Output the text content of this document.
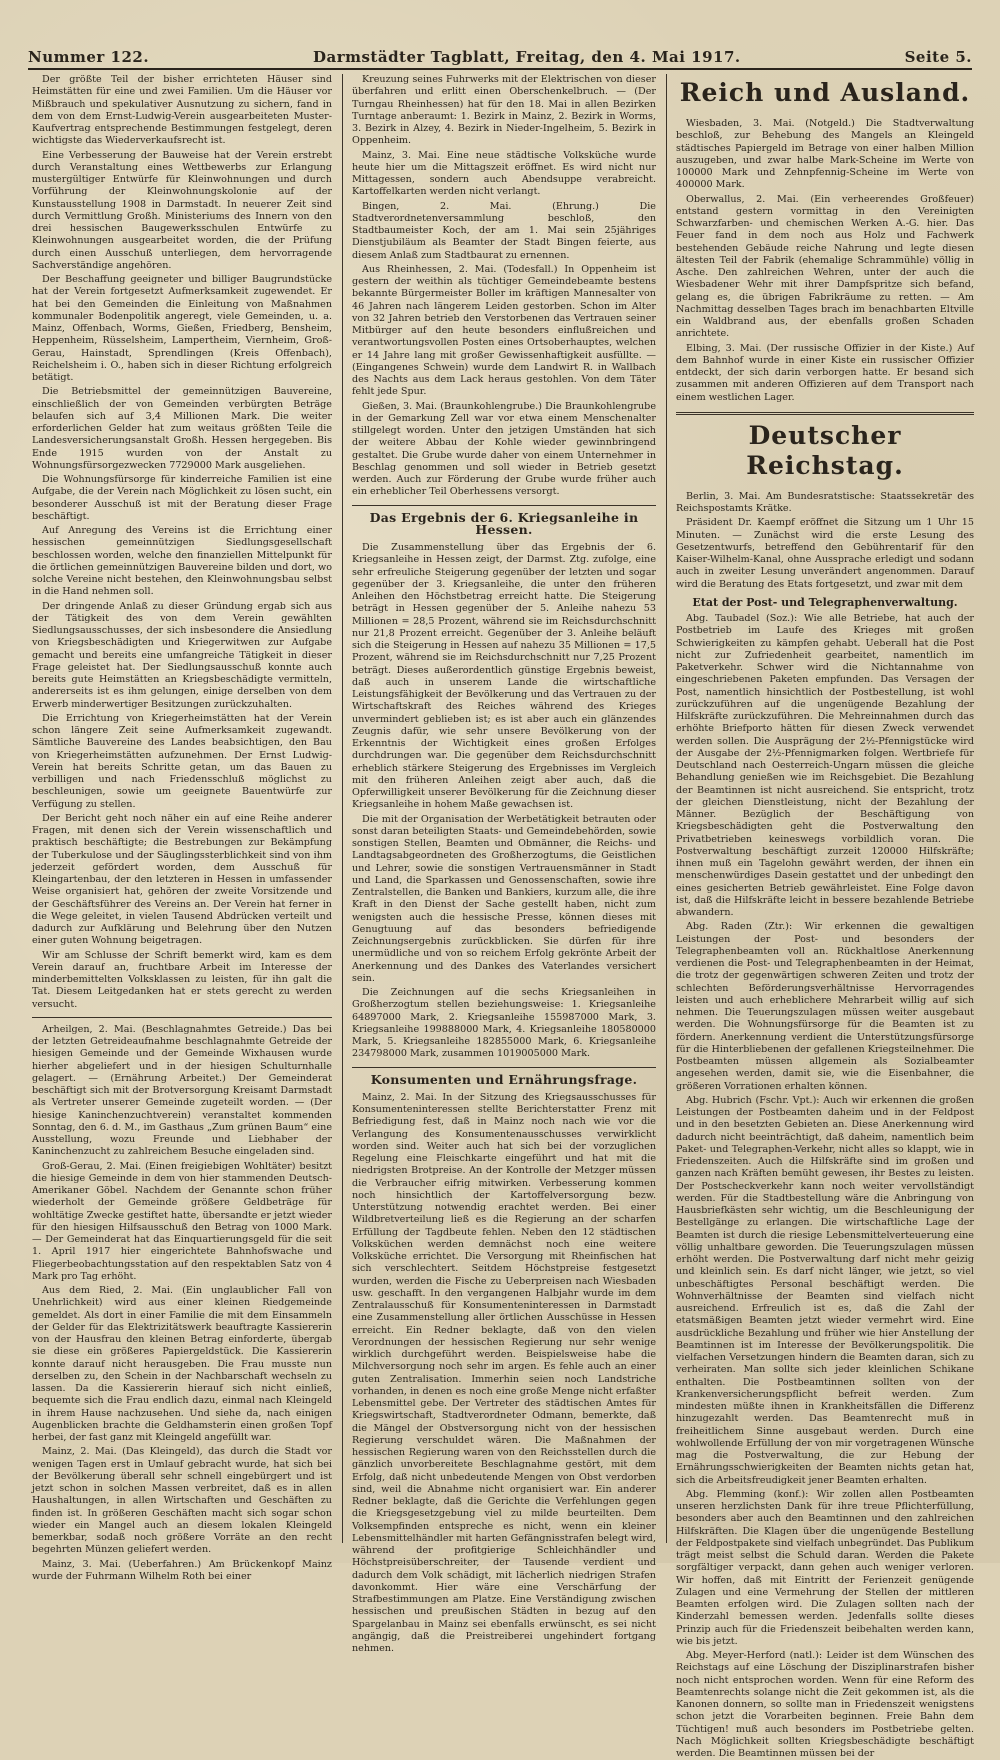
Nummer 122.	Darmstädter Tagblatt, Freitag, den 4. Mai 1917.	Seite 5.

Der größte Teil der bisher errichteten Häuser sind Heimstätten für eine und zwei Familien. Um die Häuser vor Mißbrauch und spekulativer Ausnutzung zu sichern, fand in dem von dem Ernst-Ludwig-Verein ausgearbeiteten Muster-Kaufvertrag entsprechende Bestimmungen festgelegt, deren wichtigste das Wiederverkaufsrecht ist.

Eine Verbesserung der Bauweise hat der Verein erstrebt durch Veranstaltung eines Wettbewerbs zur Erlangung mustergültiger Entwürfe für Kleinwohnungen und durch Vorführung der Kleinwohnungskolonie auf der Kunstausstellung 1908 in Darmstadt. In neuerer Zeit sind durch Vermittlung Großh. Ministeriums des Innern von den drei hessischen Baugewerksschulen Entwürfe zu Kleinwohnungen ausgearbeitet worden, die der Prüfung durch einen Ausschuß unterliegen, dem hervorragende Sachverständige angehören.

Der Beschaffung geeigneter und billiger Baugrundstücke hat der Verein fortgesetzt Aufmerksamkeit zugewendet. Er hat bei den Gemeinden die Einleitung von Maßnahmen kommunaler Bodenpolitik angeregt, viele Gemeinden, u. a. Mainz, Offenbach, Worms, Gießen, Friedberg, Bensheim, Heppenheim, Rüsselsheim, Lampertheim, Viernheim, Groß-Gerau, Hainstadt, Sprendlingen (Kreis Offenbach), Reichelsheim i. O., haben sich in dieser Richtung erfolgreich betätigt.

Die Betriebsmittel der gemeinnützigen Bauvereine, einschließlich der von Gemeinden verbürgten Beträge belaufen sich auf 3,4 Millionen Mark. Die weiter erforderlichen Gelder hat zum weitaus größten Teile die Landesversicherungsanstalt Großh. Hessen hergegeben. Bis Ende 1915 wurden von der Anstalt zu Wohnungsfürsorgezwecken 7729000 Mark ausgeliehen.

Die Wohnungsfürsorge für kinderreiche Familien ist eine Aufgabe, die der Verein nach Möglichkeit zu lösen sucht, ein besonderer Ausschuß ist mit der Beratung dieser Frage beschäftigt.

Auf Anregung des Vereins ist die Errichtung einer hessischen gemeinnützigen Siedlungsgesellschaft beschlossen worden, welche den finanziellen Mittelpunkt für die örtlichen gemeinnützigen Bauvereine bilden und dort, wo solche Vereine nicht bestehen, den Kleinwohnungsbau selbst in die Hand nehmen soll.

Der dringende Anlaß zu dieser Gründung ergab sich aus der Tätigkeit des von dem Verein gewählten Siedlungsausschusses, der sich insbesondere die Ansiedlung von Kriegsbeschädigten und Kriegerwitwen zur Aufgabe gemacht und bereits eine umfangreiche Tätigkeit in dieser Frage geleistet hat. Der Siedlungsausschuß konnte auch bereits gute Heimstätten an Kriegsbeschädigte vermitteln, andererseits ist es ihm gelungen, einige derselben von dem Erwerb minderwertiger Besitzungen zurückzuhalten.

Die Errichtung von Kriegerheimstätten hat der Verein schon längere Zeit seine Aufmerksamkeit zugewandt. Sämtliche Bauvereine des Landes beabsichtigen, den Bau von Kriegerheimstätten aufzunehmen. Der Ernst Ludwig-Verein hat bereits Schritte getan, um das Bauen zu verbilligen und nach Friedensschluß möglichst zu beschleunigen, sowie um geeignete Bauentwürfe zur Verfügung zu stellen.

Der Bericht geht noch näher ein auf eine Reihe anderer Fragen, mit denen sich der Verein wissenschaftlich und praktisch beschäftigte; die Bestrebungen zur Bekämpfung der Tuberkulose und der Säuglingssterblichkeit sind von ihm jederzeit gefördert worden, dem Ausschuß für Kleingartenbau, der den letzteren in Hessen in umfassender Weise organisiert hat, gehören der zweite Vorsitzende und der Geschäftsführer des Vereins an. Der Verein hat ferner in die Wege geleitet, in vielen Tausend Abdrücken verteilt und dadurch zur Aufklärung und Belehrung über den Nutzen einer guten Wohnung beigetragen.

Wir am Schlusse der Schrift bemerkt wird, kam es dem Verein darauf an, fruchtbare Arbeit im Interesse der minderbemittelten Volksklassen zu leisten, für ihn galt die Tat. Diesem Leitgedanken hat er stets gerecht zu werden versucht.

Arheilgen, 2. Mai. (Beschlagnahmtes Getreide.) Das bei der letzten Getreideaufnahme beschlagnahmte Getreide der hiesigen Gemeinde und der Gemeinde Wixhausen wurde hierher abgeliefert und in der hiesigen Schulturnhalle gelagert. — (Ernährung Arbeitet.) Der Gemeinderat beschäftigt sich mit der Brotversorgung Kreisamt Darmstadt als Vertreter unserer Gemeinde zugeteilt worden. — (Der hiesige Kaninchenzuchtverein) veranstaltet kommenden Sonntag, den 6. d. M., im Gasthaus „Zum grünen Baum“ eine Ausstellung, wozu Freunde und Liebhaber der Kaninchenzucht zu zahlreichem Besuche eingeladen sind.

Groß-Gerau, 2. Mai. (Einen freigiebigen Wohltäter) besitzt die hiesige Gemeinde in dem von hier stammenden Deutsch-Amerikaner Göbel. Nachdem der Genannte schon früher wiederholt der Gemeinde größere Geldbeträge für wohltätige Zwecke gestiftet hatte, übersandte er jetzt wieder für den hiesigen Hilfsausschuß den Betrag von 1000 Mark. — Der Gemeinderat hat das Einquartierungsgeld für die seit 1. April 1917 hier eingerichtete Bahnhofswache und Fliegerbeobachtungsstation auf den respektablen Satz von 4 Mark pro Tag erhöht.

Aus dem Ried, 2. Mai. (Ein unglaublicher Fall von Unehrlichkeit) wird aus einer kleinen Riedgemeinde gemeldet. Als dort in einer Familie die mit dem Einsammeln der Gelder für das Elektrizitätswerk beauftragte Kassiererin von der Hausfrau den kleinen Betrag einforderte, übergab sie diese ein größeres Papiergeldstück. Die Kassiererin konnte darauf nicht herausgeben. Die Frau musste nun derselben zu, den Schein in der Nachbarschaft wechseln zu lassen. Da die Kassiererin hierauf sich nicht einließ, bequemte sich die Frau endlich dazu, einmal nach Kleingeld in ihrem Hause nachzusehen. Und siehe da, nach einigen Augenblicken brachte die Geldhamsterin einen großen Topf herbei, der fast ganz mit Kleingeld angefüllt war.

Mainz, 2. Mai. (Das Kleingeld), das durch die Stadt vor wenigen Tagen erst in Umlauf gebracht wurde, hat sich bei der Bevölkerung überall sehr schnell eingebürgert und ist jetzt schon in solchen Massen verbreitet, daß es in allen Haushaltungen, in allen Wirtschaften und Geschäften zu finden ist. In größeren Geschäften macht sich sogar schon wieder ein Mangel auch an diesem lokalen Kleingeld bemerkbar, sodaß noch größere Vorräte an den recht begehrten Münzen geliefert werden.

Mainz, 3. Mai. (Ueberfahren.) Am Brückenkopf Mainz wurde der Fuhrmann Wilhelm Roth bei einer

Kreuzung seines Fuhrwerks mit der Elektrischen von dieser überfahren und erlitt einen Oberschenkelbruch. — (Der Turngau Rheinhessen) hat für den 18. Mai in allen Bezirken Turntage anberaumt: 1. Bezirk in Mainz, 2. Bezirk in Worms, 3. Bezirk in Alzey, 4. Bezirk in Nieder-Ingelheim, 5. Bezirk in Oppenheim.

Mainz, 3. Mai. Eine neue städtische Volksküche wurde heute hier um die Mittagszeit eröffnet. Es wird nicht nur Mittagessen, sondern auch Abendsuppe verabreicht. Kartoffelkarten werden nicht verlangt.

Bingen, 2. Mai. (Ehrung.) Die Stadtverordnetenversammlung beschloß, den Stadtbaumeister Koch, der am 1. Mai sein 25jähriges Dienstjubiläum als Beamter der Stadt Bingen feierte, aus diesem Anlaß zum Stadtbaurat zu ernennen.

Aus Rheinhessen, 2. Mai. (Todesfall.) In Oppenheim ist gestern der weithin als tüchtiger Gemeindebeamte bestens bekannte Bürgermeister Boller im kräftigen Mannesalter von 46 Jahren nach längerem Leiden gestorben. Schon im Alter von 32 Jahren betrieb den Verstorbenen das Vertrauen seiner Mitbürger auf den heute besonders einflußreichen und verantwortungsvollen Posten eines Ortsoberhauptes, welchen er 14 Jahre lang mit großer Gewissenhaftigkeit ausfüllte. — (Eingangenes Schwein) wurde dem Landwirt R. in Wallbach des Nachts aus dem Lack heraus gestohlen. Von dem Täter fehlt jede Spur.

Gießen, 3. Mai. (Braunkohlengrube.) Die Braunkohlengrube in der Gemarkung Zell war vor etwa einem Menschenalter stillgelegt worden. Unter den jetzigen Umständen hat sich der weitere Abbau der Kohle wieder gewinnbringend gestaltet. Die Grube wurde daher von einem Unternehmer in Beschlag genommen und soll wieder in Betrieb gesetzt werden. Auch zur Förderung der Grube wurde früher auch ein erheblicher Teil Oberhessens versorgt.

Das Ergebnis der 6. Kriegsanleihe in Hessen.

Die Zusammenstellung über das Ergebnis der 6. Kriegsanleihe in Hessen zeigt, der Darmst. Ztg. zufolge, eine sehr erfreuliche Steigerung gegenüber der letzten und sogar gegenüber der 3. Kriegsanleihe, die unter den früheren Anleihen den Höchstbetrag erreicht hatte. Die Steigerung beträgt in Hessen gegenüber der 5. Anleihe nahezu 53 Millionen = 28,5 Prozent, während sie im Reichsdurchschnitt nur 21,8 Prozent erreicht. Gegenüber der 3. Anleihe beläuft sich die Steigerung in Hessen auf nahezu 35 Millionen = 17,5 Prozent, während sie im Reichsdurchschnitt nur 7,25 Prozent beträgt. Dieses außerordentlich günstige Ergebnis beweist, daß auch in unserem Lande die wirtschaftliche Leistungsfähigkeit der Bevölkerung und das Vertrauen zu der Wirtschaftskraft des Reiches während des Krieges unvermindert geblieben ist; es ist aber auch ein glänzendes Zeugnis dafür, wie sehr unsere Bevölkerung von der Erkenntnis der Wichtigkeit eines großen Erfolges durchdrungen war. Die gegenüber dem Reichsdurchschnitt erheblich stärkere Steigerung des Ergebnisses im Vergleich mit den früheren Anleihen zeigt aber auch, daß die Opferwilligkeit unserer Bevölkerung für die Zeichnung dieser Kriegsanleihe in hohem Maße gewachsen ist.

Die mit der Organisation der Werbetätigkeit betrauten oder sonst daran beteiligten Staats- und Gemeindebehörden, sowie sonstigen Stellen, Beamten und Obmänner, die Reichs- und Landtagsabgeordneten des Großherzogtums, die Geistlichen und Lehrer, sowie die sonstigen Vertrauensmänner in Stadt und Land, die Sparkassen und Genossenschaften, sowie ihre Zentralstellen, die Banken und Bankiers, kurzum alle, die ihre Kraft in den Dienst der Sache gestellt haben, nicht zum wenigsten auch die hessische Presse, können dieses mit Genugtuung auf das besonders befriedigende Zeichnungsergebnis zurückblicken. Sie dürfen für ihre unermüdliche und von so reichem Erfolg gekrönte Arbeit der Anerkennung und des Dankes des Vaterlandes versichert sein.

Die Zeichnungen auf die sechs Kriegsanleihen in Großherzogtum stellen beziehungsweise: 1. Kriegsanleihe 64897000 Mark, 2. Kriegsanleihe 155987000 Mark, 3. Kriegsanleihe 199888000 Mark, 4. Kriegsanleihe 180580000 Mark, 5. Kriegsanleihe 182855000 Mark, 6. Kriegsanleihe 234798000 Mark, zusammen 1019005000 Mark.

Konsumenten und Ernährungsfrage.

Mainz, 2. Mai. In der Sitzung des Kriegsausschusses für Konsumenteninteressen stellte Berichterstatter Frenz mit Befriedigung fest, daß in Mainz noch nach wie vor die Verlangung des Konsumentenausschusses verwirklicht worden sind. Weiter auch hat sich bei der vorzuglichen Regelung eine Fleischkarte eingeführt und hat mit die niedrigsten Brotpreise. An der Kontrolle der Metzger müssen die Verbraucher eifrig mitwirken. Verbesserung kommen noch hinsichtlich der Kartoffelversorgung bezw. Unterstützung notwendig erachtet werden. Bei einer Wildbretverteilung ließ es die Regierung an der scharfen Erfüllung der Tagdbeute fehlen. Neben den 12 städtischen Volksküchen werden demnächst noch eine weitere Volksküche errichtet. Die Versorgung mit Rheinfischen hat sich verschlechtert. Seitdem Höchstpreise festgesetzt wurden, werden die Fische zu Ueberpreisen nach Wiesbaden usw. geschafft. In den vergangenen Halbjahr wurde im dem Zentralausschuß für Konsumenteninteressen in Darmstadt eine Zusammenstellung aller örtlichen Ausschüsse in Hessen erreicht. Ein Redner beklagte, daß von den vielen Verordnungen der hessischen Regierung nur sehr wenige wirklich durchgeführt werden. Beispielsweise habe die Milchversorgung noch sehr im argen. Es fehle auch an einer guten Zentralisation. Immerhin seien noch Landstriche vorhanden, in denen es noch eine große Menge nicht erfaßter Lebensmittel gebe. Der Vertreter des städtischen Amtes für Kriegswirtschaft, Stadtverordneter Odmann, bemerkte, daß die Mängel der Obstversorgung nicht von der hessischen Regierung verschuldet wären. Die Maßnahmen der hessischen Regierung waren von den Reichsstellen durch die gänzlich unvorbereitete Beschlagnahme gestört, mit dem Erfolg, daß nicht unbedeutende Mengen von Obst verdorben sind, weil die Abnahme nicht organisiert war. Ein anderer Redner beklagte, daß die Gerichte die Verfehlungen gegen die Kriegsgesetzgebung viel zu milde beurteilten. Dem Volksempfinden entspreche es nicht, wenn ein kleiner Lebensmittelhändler mit harten Gefängnisstrafen belegt wird, während der profitgierige Schleichhändler und Höchstpreisüberschreiter, der Tausende verdient und dadurch dem Volk schädigt, mit lächerlich niedrigen Strafen davonkommt. Hier wäre eine Verschärfung der Strafbestimmungen am Platze. Eine Verständigung zwischen hessischen und preußischen Städten in bezug auf den Spargelanbau in Mainz sei ebenfalls erwünscht, es sei nicht angängig, daß die Preistreiberei ungehindert fortgang nehmen.

Reich und Ausland.

Wiesbaden, 3. Mai. (Notgeld.) Die Stadtverwaltung beschloß, zur Behebung des Mangels an Kleingeld städtisches Papiergeld im Betrage von einer halben Million auszugeben, und zwar halbe Mark-Scheine im Werte von 100000 Mark und Zehnpfennig-Scheine im Werte von 400000 Mark.

Oberwallus, 2. Mai. (Ein verheerendes Großfeuer) entstand gestern vormittag in den Vereinigten Schwarzfarben- und chemischen Werken A.-G. hier. Das Feuer fand in dem noch aus Holz und Fachwerk bestehenden Gebäude reiche Nahrung und legte diesen ältesten Teil der Fabrik (ehemalige Schrammühle) völlig in Asche. Den zahlreichen Wehren, unter der auch die Wiesbadener Wehr mit ihrer Dampfspritze sich befand, gelang es, die übrigen Fabrikräume zu retten. — Am Nachmittag desselben Tages brach im benachbarten Eltville ein Waldbrand aus, der ebenfalls großen Schaden anrichtete.

Elbing, 3. Mai. (Der russische Offizier in der Kiste.) Auf dem Bahnhof wurde in einer Kiste ein russischer Offizier entdeckt, der sich darin verborgen hatte. Er besand sich zusammen mit anderen Offizieren auf dem Transport nach einem westlichen Lager.

Deutscher Reichstag.

Berlin, 3. Mai. Am Bundesratstische: Staatssekretär des Reichspostamts Krätke.

Präsident Dr. Kaempf eröffnet die Sitzung um 1 Uhr 15 Minuten. — Zunächst wird die erste Lesung des Gesetzentwurfs, betreffend den Gebührentarif für den Kaiser-Wilhelm-Kanal, ohne Aussprache erledigt und sodann auch in zweiter Lesung unverändert angenommen. Darauf wird die Beratung des Etats fortgesetzt, und zwar mit dem

Etat der Post- und Telegraphenverwaltung.

Abg. Taubadel (Soz.): Wie alle Betriebe, hat auch der Postbetrieb im Laufe des Krieges mit großen Schwierigkeiten zu kämpfen gehabt. Ueberall hat die Post nicht zur Zufriedenheit gearbeitet, namentlich im Paketverkehr. Schwer wird die Nichtannahme von eingeschriebenen Paketen empfunden. Das Versagen der Post, namentlich hinsichtlich der Postbestellung, ist wohl zurückzuführen auf die ungenügende Bezahlung der Hilfskräfte zurückzuführen. Die Mehreinnahmen durch das erhöhte Briefporto hätten für diesen Zweck verwendet werden sollen. Die Ausprägung der 2½-Pfennigstücke wird der Ausgabe der 2½-Pfennigmarken folgen. Wertbriefe für Deutschland nach Oesterreich-Ungarn müssen die gleiche Behandlung genießen wie im Reichsgebiet. Die Bezahlung der Beamtinnen ist nicht ausreichend. Sie entspricht, trotz der gleichen Dienstleistung, nicht der Bezahlung der Männer. Bezüglich der Beschäftigung von Kriegsbeschädigten geht die Postverwaltung den Privatbetrieben keineswegs vorbildlich voran. Die Postverwaltung beschäftigt zurzeit 120000 Hilfskräfte; ihnen muß ein Tagelohn gewährt werden, der ihnen ein menschenwürdiges Dasein gestattet und der unbedingt den eines gesicherten Betrieb gewährleistet. Eine Folge davon ist, daß die Hilfskräfte leicht in bessere bezahlende Betriebe abwandern.

Abg. Raden (Ztr.): Wir erkennen die gewaltigen Leistungen der Post- und besonders der Telegraphenbeamten voll an. Rückhaltlose Anerkennung verdienen die Post- und Telegraphenbeamten in der Heimat, die trotz der gegenwärtigen schweren Zeiten und trotz der schlechten Beförderungsverhältnisse Hervorragendes leisten und auch erheblichere Mehrarbeit willig auf sich nehmen. Die Teuerungszulagen müssen weiter ausgebaut werden. Die Wohnungsfürsorge für die Beamten ist zu fördern. Anerkennung verdient die Unterstützungsfürsorge für die Hinterbliebenen der gefallenen Kriegsteilnehmer. Die Postbeamten müssen allgemein als Sozialbeamter angesehen werden, damit sie, wie die Eisenbahner, die größeren Vorrationen erhalten können.

Abg. Hubrich (Fschr. Vpt.): Auch wir erkennen die großen Leistungen der Postbeamten daheim und in der Feldpost und in den besetzten Gebieten an. Diese Anerkennung wird dadurch nicht beeinträchtigt, daß daheim, namentlich beim Paket- und Telegraphen-Verkehr, nicht alles so klappt, wie in Friedenszeiten. Auch die Hilfskräfte sind im großen und ganzen nach Kräften bemüht gewesen, ihr Bestes zu leisten. Der Postscheckverkehr kann noch weiter vervollständigt werden. Für die Stadtbestellung wäre die Anbringung von Hausbriefkästen sehr wichtig, um die Beschleunigung der Bestellgänge zu erlangen. Die wirtschaftliche Lage der Beamten ist durch die riesige Lebensmittelverteuerung eine völlig unhaltbare geworden. Die Teuerungszulagen müssen erhöht werden. Die Postverwaltung darf nicht mehr geizig und kleinlich sein. Es darf nicht länger, wie jetzt, so viel unbeschäftigtes Personal beschäftigt werden. Die Wohnverhältnisse der Beamten sind vielfach nicht ausreichend. Erfreulich ist es, daß die Zahl der etatsmäßigen Beamten jetzt wieder vermehrt wird. Eine ausdrückliche Bezahlung und früher wie hier Anstellung der Beamtinnen ist im Interesse der Bevölkerungspolitik. Die vielfachen Versetzungen hindern die Beamten daran, sich zu verheiraten. Man sollte sich jeder kleinlichen Schikane enthalten. Die Postbeamtinnen sollten von der Krankenversicherungspflicht befreit werden. Zum mindesten müßte ihnen in Krankheitsfällen die Differenz hinzugezahlt werden. Das Beamtenrecht muß in freiheitlichem Sinne ausgebaut werden. Durch eine wohlwollende Erfüllung der von mir vorgetragenen Wünsche mag die Postverwaltung, die zur Hebung der Ernährungsschwierigkeiten der Beamten nichts getan hat, sich die Arbeitsfreudigkeit jener Beamten erhalten.

Abg. Flemming (konf.): Wir zollen allen Postbeamten unseren herzlichsten Dank für ihre treue Pflichterfüllung, besonders aber auch den Beamtinnen und den zahlreichen Hilfskräften. Die Klagen über die ungenügende Bestellung der Feldpostpakete sind vielfach unbegründet. Das Publikum trägt meist selbst die Schuld daran. Werden die Pakete sorgfältiger verpackt, dann gehen auch weniger verloren. Wir hoffen, daß mit Eintritt der Ferienzeit genügende Zulagen und eine Vermehrung der Stellen der mittleren Beamten erfolgen wird. Die Zulagen sollten nach der Kinderzahl bemessen werden. Jedenfalls sollte dieses Prinzip auch für die Friedenszeit beibehalten werden kann, wie bis jetzt.

Abg. Meyer-Herford (natl.): Leider ist dem Wünschen des Reichstags auf eine Löschung der Disziplinarstrafen bisher noch nicht entsprochen worden. Wenn für eine Reform des Beamtenrechts solange nicht die Zeit gekommen ist, als die Kanonen donnern, so sollte man in Friedenszeit wenigstens schon jetzt die Vorarbeiten beginnen. Freie Bahn dem Tüchtigen! muß auch besonders im Postbetriebe gelten. Nach Möglichkeit sollten Kriegsbeschädigte beschäftigt werden. Die Beamtinnen müssen bei der
